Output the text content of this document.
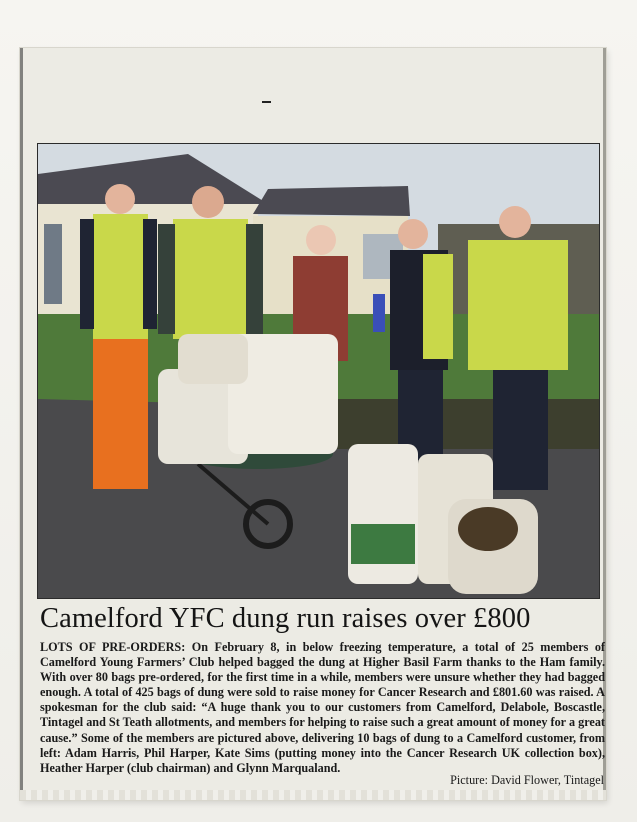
Camelford YFC dung run raises over £800
LOTS OF PRE-ORDERS: On February 8, in below freezing temperature, a total of 25 members of Camelford Young Farmers’ Club helped bagged the dung at Higher Basil Farm thanks to the Ham family. With over 80 bags pre-ordered, for the first time in a while, members were unsure whether they had bagged enough. A total of 425 bags of dung were sold to raise money for Cancer Research and £801.60 was raised. A spokesman for the club said: “A huge thank you to our customers from Camelford, Delabole, Boscastle, Tintagel and St Teath allotments, and members for helping to raise such a great amount of money for a great cause.” Some of the members are pictured above, delivering 10 bags of dung to a Camelford customer, from left: Adam Harris, Phil Harper, Kate Sims (putting money into the Cancer Research UK collection box), Heather Harper (club chairman) and Glynn Marqualand.
Picture: David Flower, Tintagel
